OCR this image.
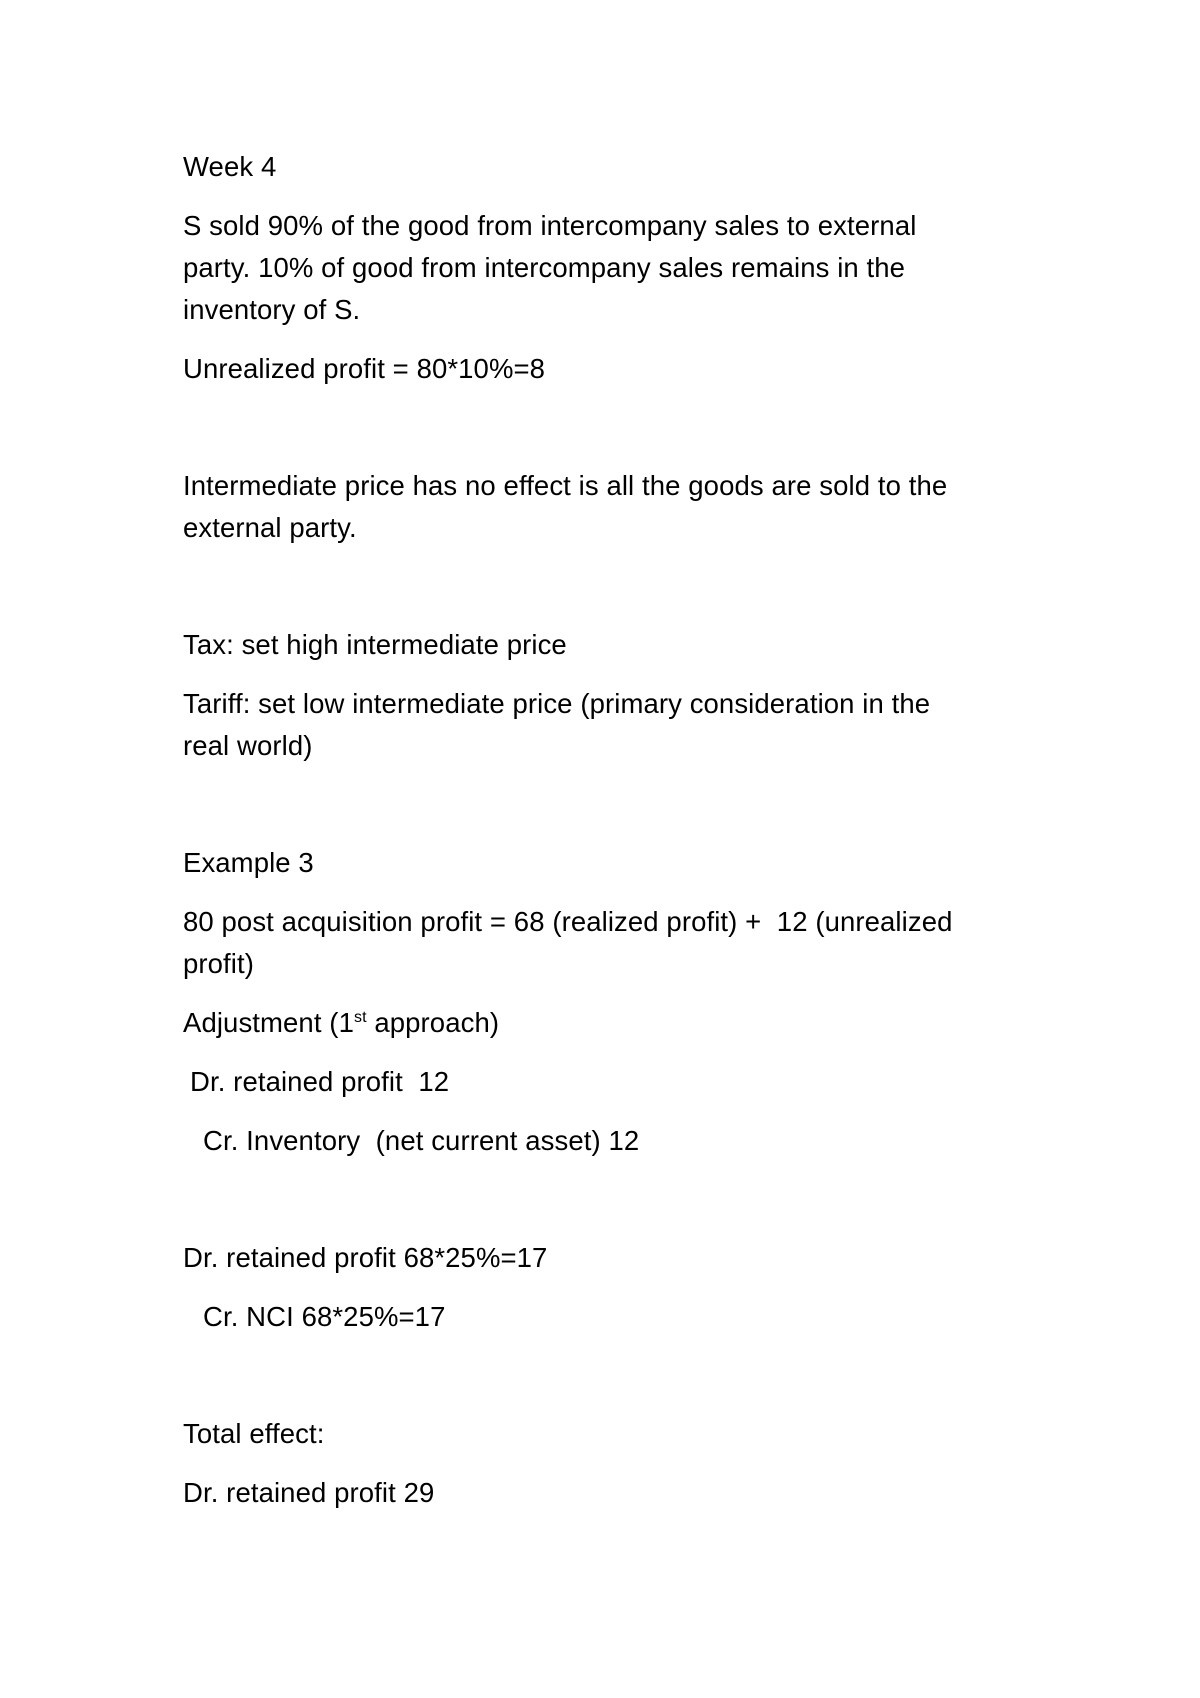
Week 4
S sold 90% of the good from intercompany sales to external
party. 10% of good from intercompany sales remains in the
inventory of S.
Unrealized profit = 80*10%=8
Intermediate price has no effect is all the goods are sold to the
external party.
Tax: set high intermediate price
Tariff: set low intermediate price (primary consideration in the
real world)
Example 3
80 post acquisition profit = 68 (realized profit) +  12 (unrealized
profit)
Adjustment (1st approach)
Dr. retained profit  12
Cr. Inventory  (net current asset) 12
Dr. retained profit 68*25%=17
Cr. NCI 68*25%=17
Total effect:
Dr. retained profit 29
